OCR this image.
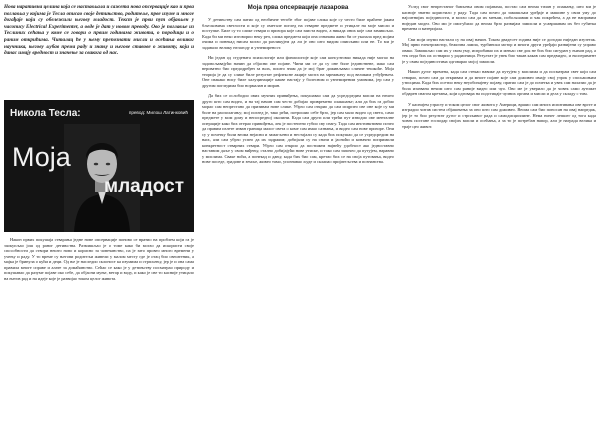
Нова наративна целина која се настављала и сажета нова опсервације као и прва поглавља у којима је Тесла описао своје детињство, родитеље, прве изуме и многе догађаје који су обележили његову младост. Текст је први пут објављен у часопису Electrical Experimenter, а овде је дат у новом преводу. Ово је поглавље из Теслиних сећања у коме се говори о првим годинама живота, о породици и о раним открићима. Читалац ће у њему препознати мисли и осећања великог научника, његову љубав према раду и знању и његове ставове о животу, који и данас имају вредност и значење за свакога од нас.

Никола Тесла:	превод: Милош Латинковић
Моја
младост

Након првих покушаја стварања једне нове опсервације поново се вратио на проблем који га је заокупљао још од раног детињства. Размишљао је о томе како би могао да искористи своје способности да створи нешто ново и корисно за човечанство, па је зато провео много времени у учењу и раду. У то време су његови родитељи живели у малом месту где је отац био свештеник, а мајка је бринула о кући и деци. Од ње је наследио склоност ка изумима и стрпљењу, јер је и она сама правила многе справе и алате за домаћинство. Сећао се како је у детињству посматрао природу и покушавао да разуме појаве око себе, да објасни муње, ветар и воду, и како је све то касније утицало на његов рад и на идеје које је развијао током целог живота.

Моја прва опсервације лазарова

У детињству сам патио од необичне тегобе због појаве слика које су често биле праћене јаким бљесковима светлости и које су ометале поглед на стварне предмете и утицале на моје мисли и поступке. Биле су то слике ствари и призора које сам заиста видео, а никада оних које сам замишљао. Када би ми неко изговорио неку реч, слика предмета који она означава живо би се указала пред мојим очима и понекад нисам могао да разликујем да ли је оно што видим опипљиво или не. То ми је задавало велику нелагоду и узнемиреност.

Ни један од студената психологије или физиологије које сам консултовао никада није могао на задовољавајући начин да објасни ове појаве. Чини ми се да су оне биле јединствене, иако сам вероватно био предодређен за њих, пошто знам да је мој брат доживљавао сличне тешкоће. Моја теорија је да су слике биле резултат рефлексне акције мозга на мрежњачу под великим узбуђењем. Оне свакако нису биле халуцинације какве настају у болесним и узнемиреним умовима, јер сам у другим погледима био нормалан и миран.

Да бих се ослободио ових мучних привиђења, покушавао сам да усредсредим мисли на нешто друго што сам видео, и на тај начин сам често добијао привремено олакшање; али да бих га добио морао сам непрестано да призивам нове слике. Убрзо сам открио да сам исцрпео све оне које су ми биле на располагању; мој поглед је, тако рећи, потрошио себе брзо, јер сам мало видео од света, само предмете у мом дому и непосредној околини. Када сам други или трећи пут изводио ове менталне операције како бих отерао привиђења, лек је постепено губио сву снагу. Тада сам инстинктивно почео да правим излете изван граница малог света о коме сам имао сазнања, и видео сам нове призоре. Они су у почетку били веома нејасни и замагљени и нестајали су када бих покушао да се усредсредим на њих, али сам убрзо успео да их задржим; добијали су на снази и јасноћи и коначно попримили конкретност стварних ствари. Убрзо сам открио да постижем највећу удобност ако једноставно наставим даље у свом виђењу, стално добијајући нове утиске, и тако сам започео да путујем, наравно у мислима. Сваке ноћи, а понекад и дању, када бих био сам, кретао бих се на своја путовања, видео нове поседе, градове и земље, живео тамо, упознавао људе и склапао пријатељства и познанства.

Услед свог непрестаног бављења овим појавама, постао сам веома тачан у опажању, што ми је касније знатно користило у раду. Тада сам почео да замишљам уређаје и машине у свом уму до најситнијих појединости, и могао сам да их мењам, побољшавам и чак покрећем, а да не направим ниједан модел. Ово ми је омогућило да веома брзо развијам замисли и усавршавам их без губитка времена и материјала.

Сви моји изуми настали су на овај начин. Током двадесет година није се догодио ниједан изузетак. Мој први електромотор, бежична лампа, турбински мотор и многи други уређаји развијени су управо овако. Замишљао сам их у свом уму, испробавао их и мењао све док не бих био сигуран у њихов рад, а тек онда бих их остварио у радионици. Резултат је увек био такав какав сам предвидео, и експеримент је у свим појединостима одговарао мојој замисли.

Након дугог времена, када сам стекао навике да путујем у мислима и да посматрам свет који сам стварао, почео сам да откривам и да многе појаве које сам доживео имају свој узрок у спољашњим утисцима. Када бих осетио неку неуобичајену појаву, пратио сам је до почетка и увек сам налазио да је била изазвана нечим што сам раније видео или чуо. Ово ме је уверило да је човек само аутомат обдарен снагом кретања, који одговара на подстицаје чулних органа и мисли и дела у складу с тим.

У каснијем узрасту и током целог свог живота у Америци, вршио сам многа испитивања ове врсте и изградио читав систем објашњења за оно што сам доживео. Веома сам био поносан на овај напредак, јер је то био резултат дугог и стрпљивог рада и самодисциплине. Нема ничег лепшег од тога када човек постане господар својих мисли и осећања, а за то је потребан напор, али је награда велика и траје цео живот.
